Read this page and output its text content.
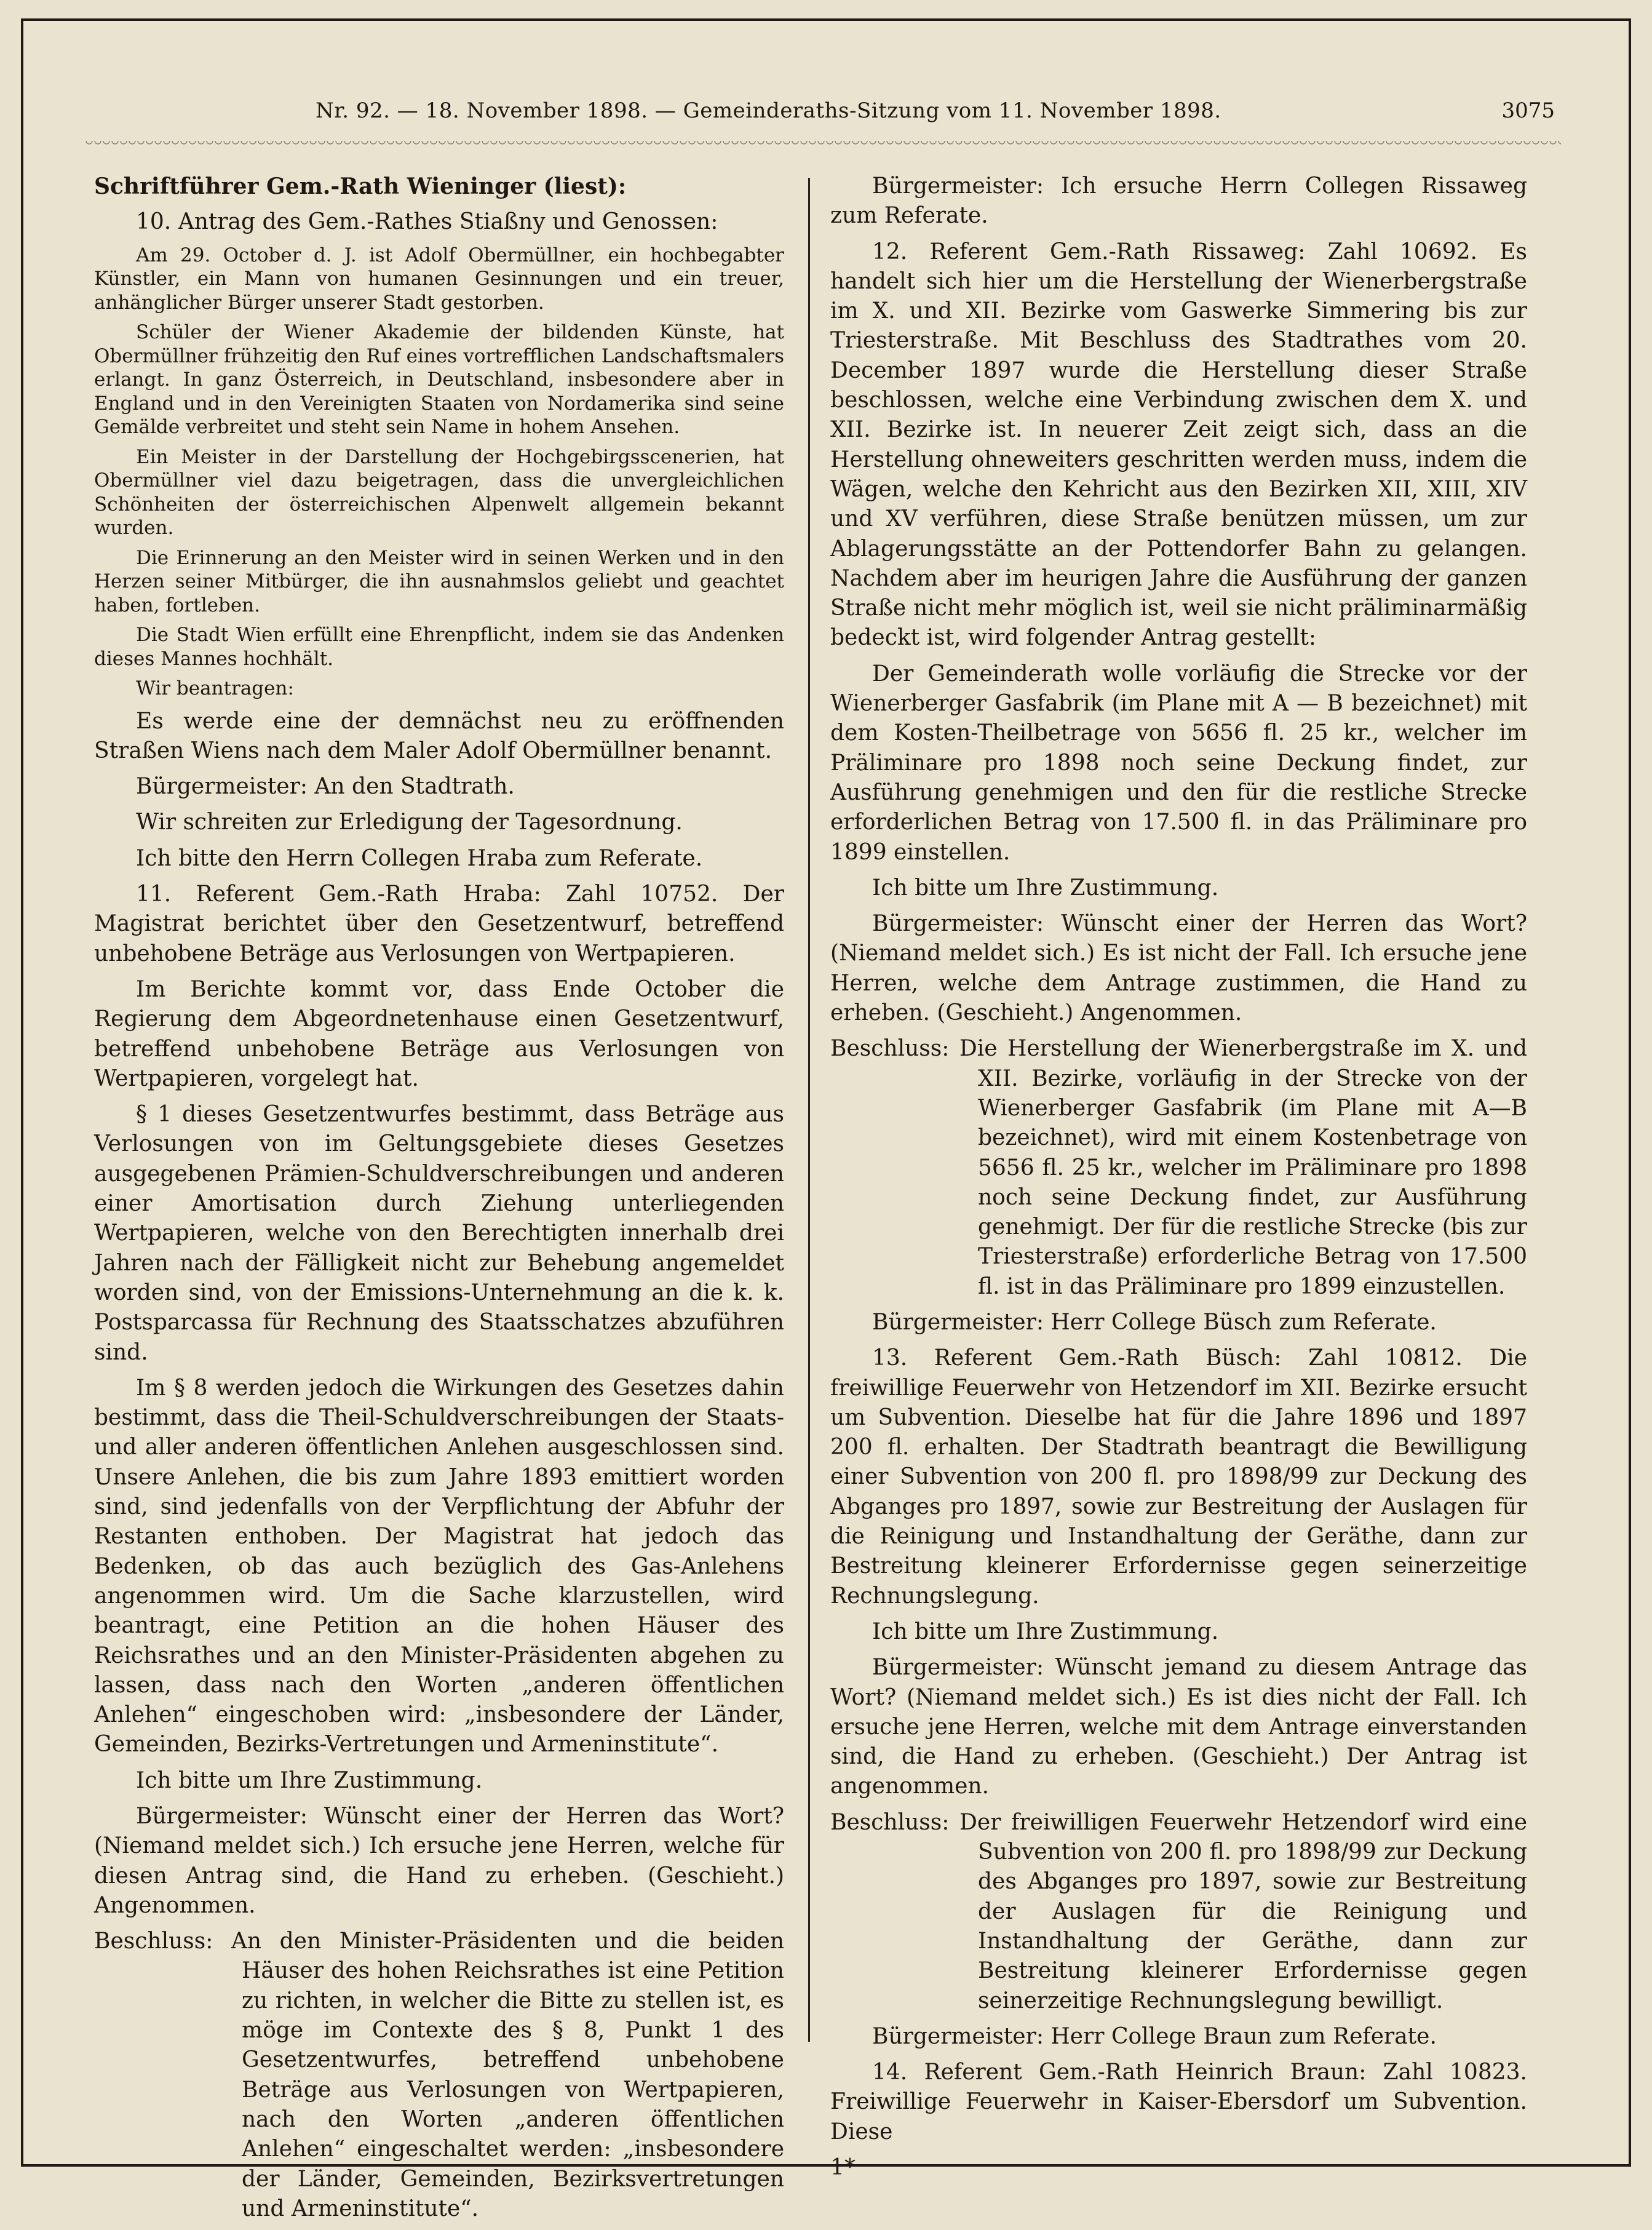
Nr. 92. — 18. November 1898. — Gemeinderaths-Sitzung vom 11. November 1898.	3075

Schriftführer Gem.-Rath Wieninger (liest):

10. Antrag des Gem.-Rathes Stiaßny und Genossen:

Am 29. October d. J. ist Adolf Obermüllner, ein hochbegabter Künstler, ein Mann von humanen Gesinnungen und ein treuer, anhänglicher Bürger unserer Stadt gestorben.

Schüler der Wiener Akademie der bildenden Künste, hat Obermüllner frühzeitig den Ruf eines vortrefflichen Landschaftsmalers erlangt. In ganz Österreich, in Deutschland, insbesondere aber in England und in den Vereinigten Staaten von Nordamerika sind seine Gemälde verbreitet und steht sein Name in hohem Ansehen.

Ein Meister in der Darstellung der Hochgebirgsscenerien, hat Obermüllner viel dazu beigetragen, dass die unvergleichlichen Schönheiten der österreichischen Alpenwelt allgemein bekannt wurden.

Die Erinnerung an den Meister wird in seinen Werken und in den Herzen seiner Mitbürger, die ihn ausnahmslos geliebt und geachtet haben, fortleben.

Die Stadt Wien erfüllt eine Ehrenpflicht, indem sie das Andenken dieses Mannes hochhält.

Wir beantragen:

Es werde eine der demnächst neu zu eröffnenden Straßen Wiens nach dem Maler Adolf Obermüllner benannt.

Bürgermeister: An den Stadtrath.

Wir schreiten zur Erledigung der Tagesordnung.

Ich bitte den Herrn Collegen Hraba zum Referate.

11. Referent Gem.-Rath Hraba: Zahl 10752. Der Magistrat berichtet über den Gesetzentwurf, betreffend unbehobene Beträge aus Verlosungen von Wertpapieren.

Im Berichte kommt vor, dass Ende October die Regierung dem Abgeordnetenhause einen Gesetzentwurf, betreffend unbehobene Beträge aus Verlosungen von Wertpapieren, vorgelegt hat.

§ 1 dieses Gesetzentwurfes bestimmt, dass Beträge aus Verlosungen von im Geltungsgebiete dieses Gesetzes ausgegebenen Prämien-Schuldverschreibungen und anderen einer Amortisation durch Ziehung unterliegenden Wertpapieren, welche von den Berechtigten innerhalb drei Jahren nach der Fälligkeit nicht zur Behebung angemeldet worden sind, von der Emissions-Unternehmung an die k. k. Postsparcassa für Rechnung des Staatsschatzes abzuführen sind.

Im § 8 werden jedoch die Wirkungen des Gesetzes dahin bestimmt, dass die Theil-Schuldverschreibungen der Staats- und aller anderen öffentlichen Anlehen ausgeschlossen sind. Unsere Anlehen, die bis zum Jahre 1893 emittiert worden sind, sind jedenfalls von der Verpflichtung der Abfuhr der Restanten enthoben. Der Magistrat hat jedoch das Bedenken, ob das auch bezüglich des Gas-Anlehens angenommen wird. Um die Sache klarzustellen, wird beantragt, eine Petition an die hohen Häuser des Reichsrathes und an den Minister-Präsidenten abgehen zu lassen, dass nach den Worten „anderen öffentlichen Anlehen“ eingeschoben wird: „insbesondere der Länder, Gemeinden, Bezirks-Vertretungen und Armeninstitute“.

Ich bitte um Ihre Zustimmung.

Bürgermeister: Wünscht einer der Herren das Wort? (Niemand meldet sich.) Ich ersuche jene Herren, welche für diesen Antrag sind, die Hand zu erheben. (Geschieht.) Angenommen.

Beschluss: An den Minister-Präsidenten und die beiden Häuser des hohen Reichsrathes ist eine Petition zu richten, in welcher die Bitte zu stellen ist, es möge im Contexte des § 8, Punkt 1 des Gesetzentwurfes, betreffend unbehobene Beträge aus Verlosungen von Wertpapieren, nach den Worten „anderen öffentlichen Anlehen“ eingeschaltet werden: „insbesondere der Länder, Gemeinden, Bezirksvertretungen und Armeninstitute“.

Bürgermeister: Ich ersuche Herrn Collegen Rissaweg zum Referate.

12. Referent Gem.-Rath Rissaweg: Zahl 10692. Es handelt sich hier um die Herstellung der Wienerbergstraße im X. und XII. Bezirke vom Gaswerke Simmering bis zur Triesterstraße. Mit Beschluss des Stadtrathes vom 20. December 1897 wurde die Herstellung dieser Straße beschlossen, welche eine Verbindung zwischen dem X. und XII. Bezirke ist. In neuerer Zeit zeigt sich, dass an die Herstellung ohneweiters geschritten werden muss, indem die Wägen, welche den Kehricht aus den Bezirken XII, XIII, XIV und XV verführen, diese Straße benützen müssen, um zur Ablagerungsstätte an der Pottendorfer Bahn zu gelangen. Nachdem aber im heurigen Jahre die Ausführung der ganzen Straße nicht mehr möglich ist, weil sie nicht präliminarmäßig bedeckt ist, wird folgender Antrag gestellt:

Der Gemeinderath wolle vorläufig die Strecke vor der Wienerberger Gasfabrik (im Plane mit A — B bezeichnet) mit dem Kosten-Theilbetrage von 5656 fl. 25 kr., welcher im Präliminare pro 1898 noch seine Deckung findet, zur Ausführung genehmigen und den für die restliche Strecke erforderlichen Betrag von 17.500 fl. in das Präliminare pro 1899 einstellen.

Ich bitte um Ihre Zustimmung.

Bürgermeister: Wünscht einer der Herren das Wort? (Niemand meldet sich.) Es ist nicht der Fall. Ich ersuche jene Herren, welche dem Antrage zustimmen, die Hand zu erheben. (Geschieht.) Angenommen.

Beschluss: Die Herstellung der Wienerbergstraße im X. und XII. Bezirke, vorläufig in der Strecke von der Wienerberger Gasfabrik (im Plane mit A—B bezeichnet), wird mit einem Kostenbetrage von 5656 fl. 25 kr., welcher im Präliminare pro 1898 noch seine Deckung findet, zur Ausführung genehmigt. Der für die restliche Strecke (bis zur Triesterstraße) erforderliche Betrag von 17.500 fl. ist in das Präliminare pro 1899 einzustellen.

Bürgermeister: Herr College Büsch zum Referate.

13. Referent Gem.-Rath Büsch: Zahl 10812. Die freiwillige Feuerwehr von Hetzendorf im XII. Bezirke ersucht um Subvention. Dieselbe hat für die Jahre 1896 und 1897 200 fl. erhalten. Der Stadtrath beantragt die Bewilligung einer Subvention von 200 fl. pro 1898/99 zur Deckung des Abganges pro 1897, sowie zur Bestreitung der Auslagen für die Reinigung und Instandhaltung der Geräthe, dann zur Bestreitung kleinerer Erfordernisse gegen seinerzeitige Rechnungslegung.

Ich bitte um Ihre Zustimmung.

Bürgermeister: Wünscht jemand zu diesem Antrage das Wort? (Niemand meldet sich.) Es ist dies nicht der Fall. Ich ersuche jene Herren, welche mit dem Antrage einverstanden sind, die Hand zu erheben. (Geschieht.) Der Antrag ist angenommen.

Beschluss: Der freiwilligen Feuerwehr Hetzendorf wird eine Subvention von 200 fl. pro 1898/99 zur Deckung des Abganges pro 1897, sowie zur Bestreitung der Auslagen für die Reinigung und Instandhaltung der Geräthe, dann zur Bestreitung kleinerer Erfordernisse gegen seinerzeitige Rechnungslegung bewilligt.

Bürgermeister: Herr College Braun zum Referate.

14. Referent Gem.-Rath Heinrich Braun: Zahl 10823. Freiwillige Feuerwehr in Kaiser-Ebersdorf um Subvention. Diese

1*
